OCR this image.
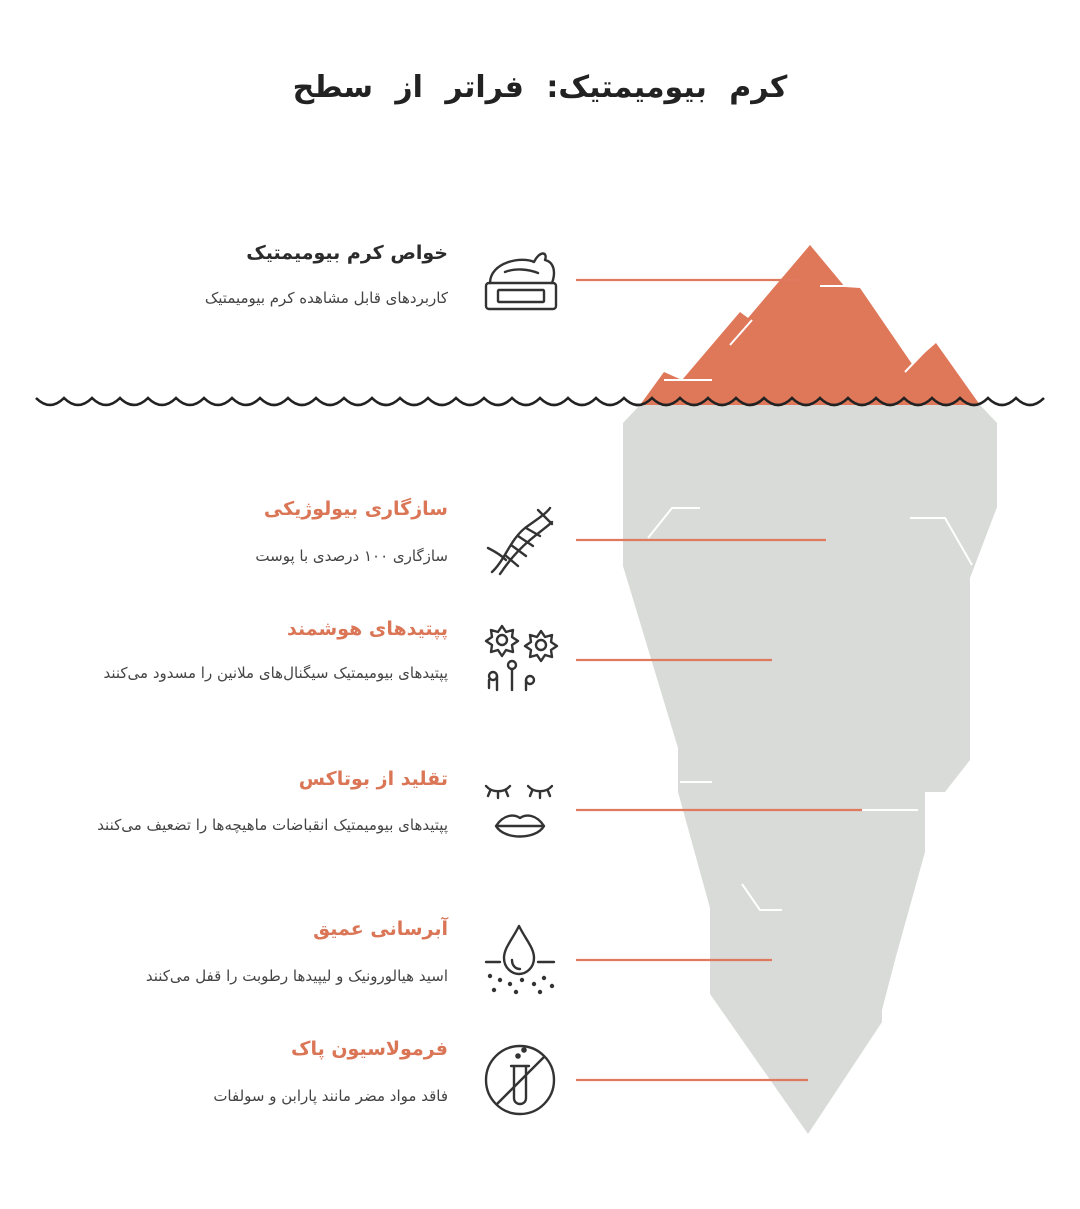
کرم بیومیمتیک: فراتر از سطح
خواص کرم بیومیمتیک
کاربردهای قابل مشاهده کرم بیومیمتیک
سازگاری بیولوژیکی
سازگاری ۱۰۰ درصدی با پوست
پپتیدهای هوشمند
پپتیدهای بیومیمتیک سیگنال‌های ملانین را مسدود می‌کنند
تقلید از بوتاکس
پپتیدهای بیومیمتیک انقباضات ماهیچه‌ها را تضعیف می‌کنند
آبرسانی عمیق
اسید هیالورونیک و لیپیدها رطوبت را قفل می‌کنند
فرمولاسیون پاک
فاقد مواد مضر مانند پارابن و سولفات
